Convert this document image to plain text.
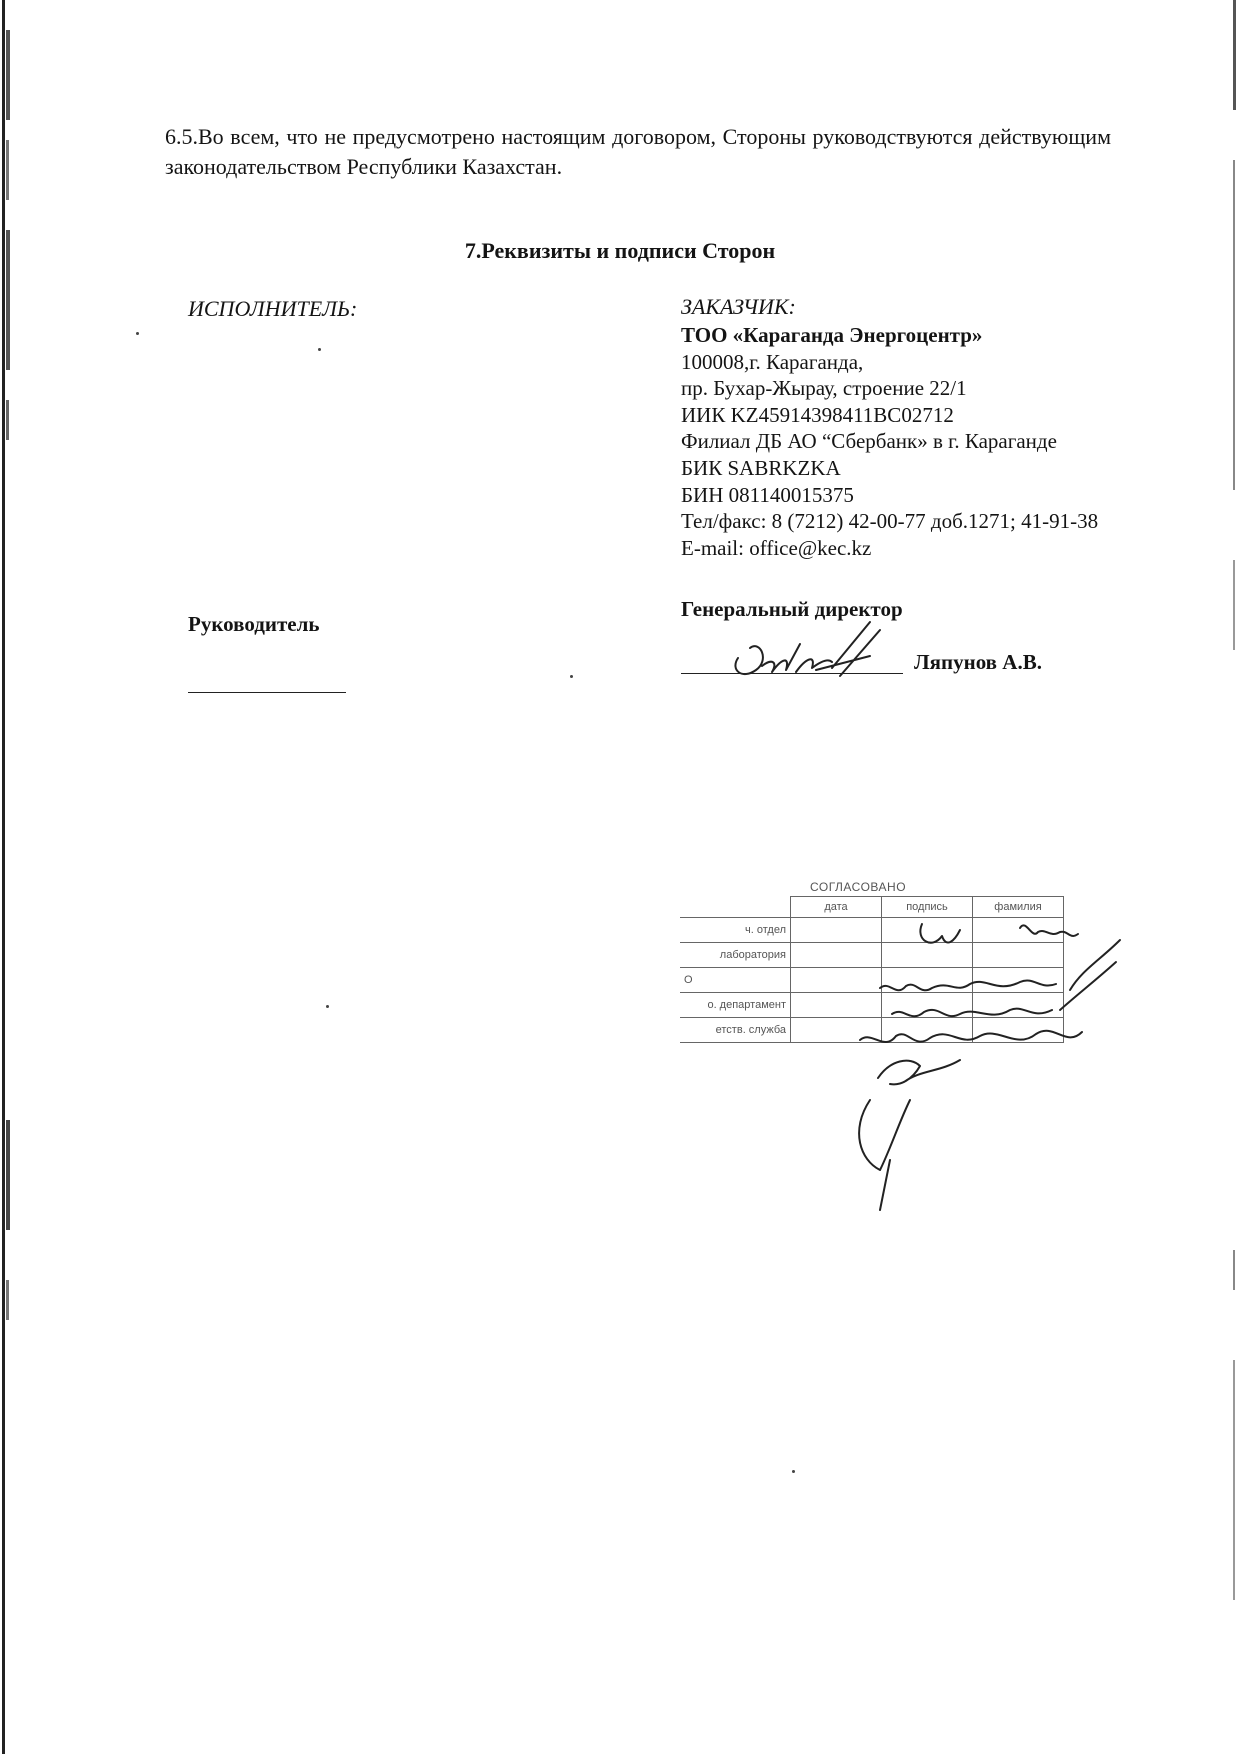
6.5.Во всем, что не предусмотрено настоящим договором, Стороны руководствуются действующим законодательством Республики Казахстан.
7.Реквизиты и подписи Сторон
ИСПОЛНИТЕЛЬ:
Руководитель
ЗАКАЗЧИК:
ТОО «Караганда Энергоцентр»
100008,г. Караганда,
пр. Бухар-Жырау, строение 22/1
ИИК KZ45914398411BC02712
Филиал ДБ АО “Сбербанк» в г. Караганде
БИК SABRKZKA
БИН 081140015375
Тел/факс: 8 (7212) 42-00-77 доб.1271; 41-91-38
E-mail: office@kec.kz
Генеральный директор
Ляпунов А.В.
СОГЛАСОВАНО
	дата	подпись	фамилия
ч. отдел			
лаборатория			
О			
о. департамент			
етств. служба			
